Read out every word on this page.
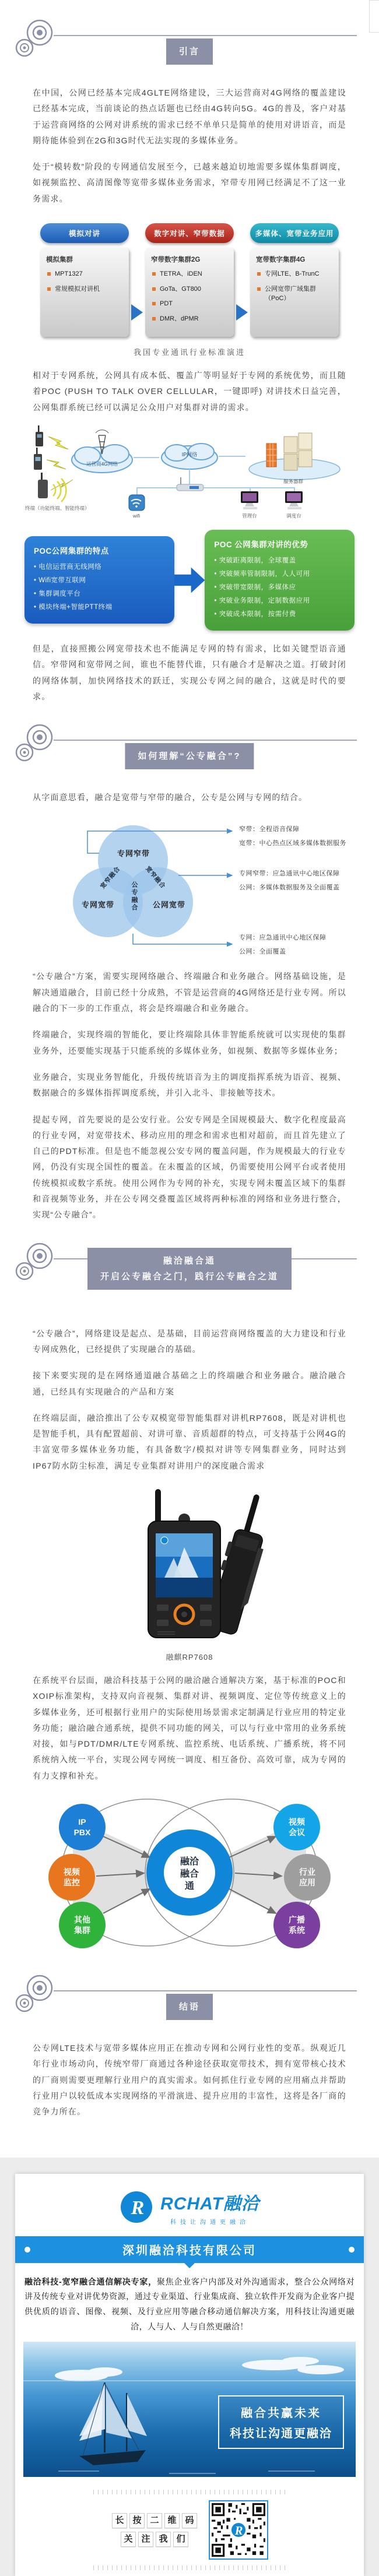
引言

在中国，公网已经基本完成4GLTE网络建设，三大运营商对4G网络的覆盖建设已经基本完成，当前谈论的热点话题也已经由4G转向5G。4G的普及，客户对基于运营商网络的公网对讲系统的需求已经不单单只是简单的使用对讲语音，而是期待能体验到在2G和3G时代无法实现的多媒体业务。

处于“模转数”阶段的专网通信发展至今，已越来越迫切地需要多媒体集群调度，如视频监控、高清图像等宽带多媒体业务需求，窄带专用网已经满足不了这一业务需求。

模拟对讲
模拟集群
MPT1327
常规模拟对讲机
数字对讲、窄带数据
窄带数字集群2G
TETRA、iDEN
GoTa、GT800
PDT
DMR、dPMR
多媒体、宽带业务应用
宽带数字集群4G
专网LTE、B-TrunC
公网宽带广域集群（PoC）
我国专业通讯行业标准演进

相对于专网系统，公网具有成本低、覆盖广等明显好于专网的系统优势，而且随着POC (PUSH TO TALK OVER CELLULAR，一键即呼) 对讲技术日益完善，公网集群系统已经可以满足公众用户对集群对讲的需求。

运营商4G网络
IP网络
服务器群
wifi	管理台	调度台
终端（功能终端、智能终端）
POC公网集群的特点
• 电信运营商无线网络
• Wifi宽带互联网
• 集群调度平台
• 模块终端+智能PTT终端
POC 公网集群对讲的优势
• 突破距离限制，全球覆盖
• 突破频率管制限制，人人可用
• 突破带宽限制，多媒体应
• 突破业务限制，定制数据应用
• 突破成本限制，按需付费

但是，直接照搬公网宽带技术也不能满足专网的特有需求，比如关键型语音通信。窄带网和宽带网之间，谁也不能替代谁，只有融合才是解决之道。打破封闭的网络体制，加快网络技术的跃迁，实现公专网之间的融合，这就是时代的要求。

如何理解“公专融合”?

从字面意思看，融合是宽带与窄带的融合，公专是公网与专网的结合。

专网窄带
专网宽带	公网宽带
宽窄融合	宽窄融合
公专融合
窄带：全程语音保障
宽带：中心热点区域多媒体数据服务
专网窄带：应急通讯中心地区保障
公网：多媒体数据服务及全面覆盖
专网：应急通讯中心地区保障
公网：全面覆盖

“公专融合”方案，需要实现网络融合、终端融合和业务融合。网络基础设施，是解决通道融合，目前已经十分成熟，不管是运营商的4G网络还是行业专网。所以融合的下一步的工作重点，将会是终端融合和业务融合。

终端融合，实现终端的智能化，要让终端除具体非智能系统就可以实现使的集群业务外，还要能实现基于只能系统的多媒体业务，如视频、数据等多媒体业务；

业务融合，实现业务智能化，升级传统语音为主的调度指挥系统为语音、视频、数据融合的多媒体指挥调度系统，并引入北斗、非接触等技术。

提起专网，首先要说的是公安行业。公安专网是全国规模最大、数字化程度最高的行业专网，对宽带技术、移动应用的理念和需求也相对超前，而且首先建立了自己的PDT标准。但是也不能忽视公安专网的覆盖问题，作为规模最大的行业专网，仍没有实现全国性的覆盖。在未覆盖的区域，仍需要使用公网平台或者使用传统模拟或数字系统。使用公网作为专网的补充，实现专网未覆盖区域下的集群和音视频等业务，并在公专网交叠覆盖区域将两种标准的网络和业务进行整合，实现“公专融合”。

融洽融合通
开启公专融合之门，践行公专融合之道

“公专融合”，网络建设是起点、是基础，目前运营商网络覆盖的大力建设和行业专网成熟化，已经提供了实现融合的基础。

接下来要实现的是在网络通道融合基础之上的终端融合和业务融合。融洽融合通，已经具有实现融合的产品和方案

在终端层面，融洽推出了公专双模宽带智能集群对讲机RP7608，既是对讲机也是智能手机，具有配置超前、对讲可靠、音质超群的特点，可支持基于公网4G的丰富宽带多媒体业务功能，有具备数字/模拟对讲等专网集群业务，同时达到IP67防水防尘标准，满足专业集群对讲用户的深度融合需求

融麒RP7608

在系统平台层面，融洽科技基于公网的融洽融合通解决方案，基于标准的POC和XOIP标准架构，支持双向音视频、集群对讲、视频调度、定位等传统意义上的多媒体业务，还可根据行业用户的实际使用场景需求定制满足行业应用的特定业务功能；融洽融合通系统，提供不同功能的网关，可以与行业中常用的业务系统对接，如与PDT/DMR/LTE专网系统、监控系统、电话系统、广播系统，将不同系统纳入统一平台，实现公网专网统一调度、相互备份、高效可靠，成为专网的有力支撑和补充。

融洽
融合
通
IP
PBX
视频
监控
其他
集群
视频
会议
行业
应用
广播
系统
结语

公专网LTE技术与宽带多媒体应用正在推动专网和公网行业性的变革。纵观近几年行业市场动向，传统窄带厂商通过各种途径获取宽带技术，拥有宽带核心技术的厂商则需要更理解行业用户的真实需求。如何抓住行业专网的应用痛点并帮助行业用户以较低成本实现网络的平滑演进、提升应用的丰富性，这将是各厂商的竞争力所在。

R RCHAT融洽
科技让沟通更融洽
深圳融洽科技有限公司

融洽科技-宽窄融合通信解决专家，聚焦企业客户内部及对外沟通需求，整合公众网络对讲及传统专业对讲优势资源，通过专业渠道、行业集成商、独立软件开发商为企业客户提供优质的语音、图像、视频、及行业应用等融合移动通信解决方案，用科技让沟通更融洽，人与人、人与自然更融洽！

融合共赢未来
科技让沟通更融洽
长 按 二 维 码
关 注 我 们
R
